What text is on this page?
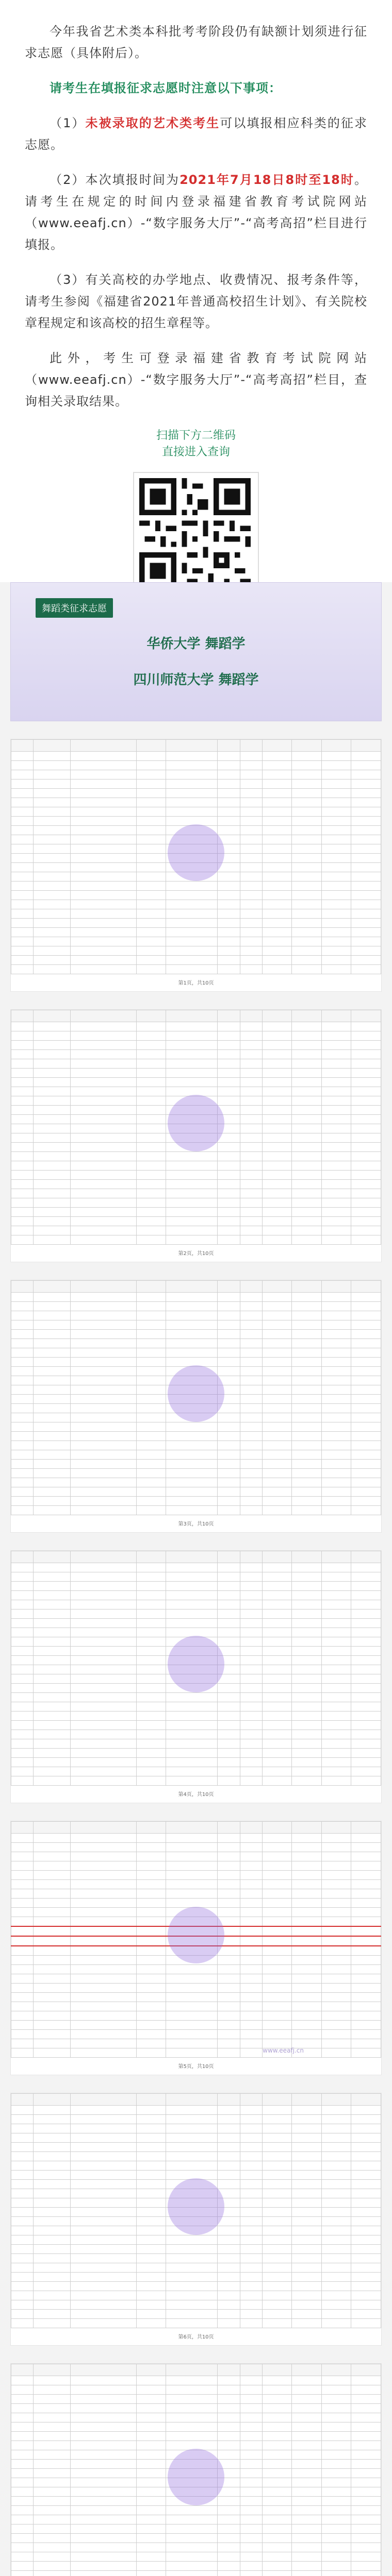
今年我省艺术类本科批考考阶段仍有缺额计划须进行征求志愿（具体附后）。

请考生在填报征求志愿时注意以下事项：

（1）未被录取的艺术类考生可以填报相应科类的征求志愿。

（2）本次填报时间为2021年7月18日8时至18时。请考生在规定的时间内登录福建省教育考试院网站（www.eeafj.cn）-“数字服务大厅”-“高考高招”栏目进行填报。

（3）有关高校的办学地点、收费情况、报考条件等，请考生参阅《福建省2021年普通高校招生计划》、有关院校章程规定和该高校的招生章程等。

此外，考生可登录福建省教育考试院网站（www.eeafj.cn）-“数字服务大厅”-“高考高招”栏目，查询相关录取结果。

扫描下方二维码
直接进入查询
舞蹈类征求志愿
华侨大学 舞蹈学
四川师范大学 舞蹈学

第1页，共10页

第2页，共10页

第3页，共10页

第4页，共10页

第5页，共10页
www.eeafj.cn

第6页，共10页
